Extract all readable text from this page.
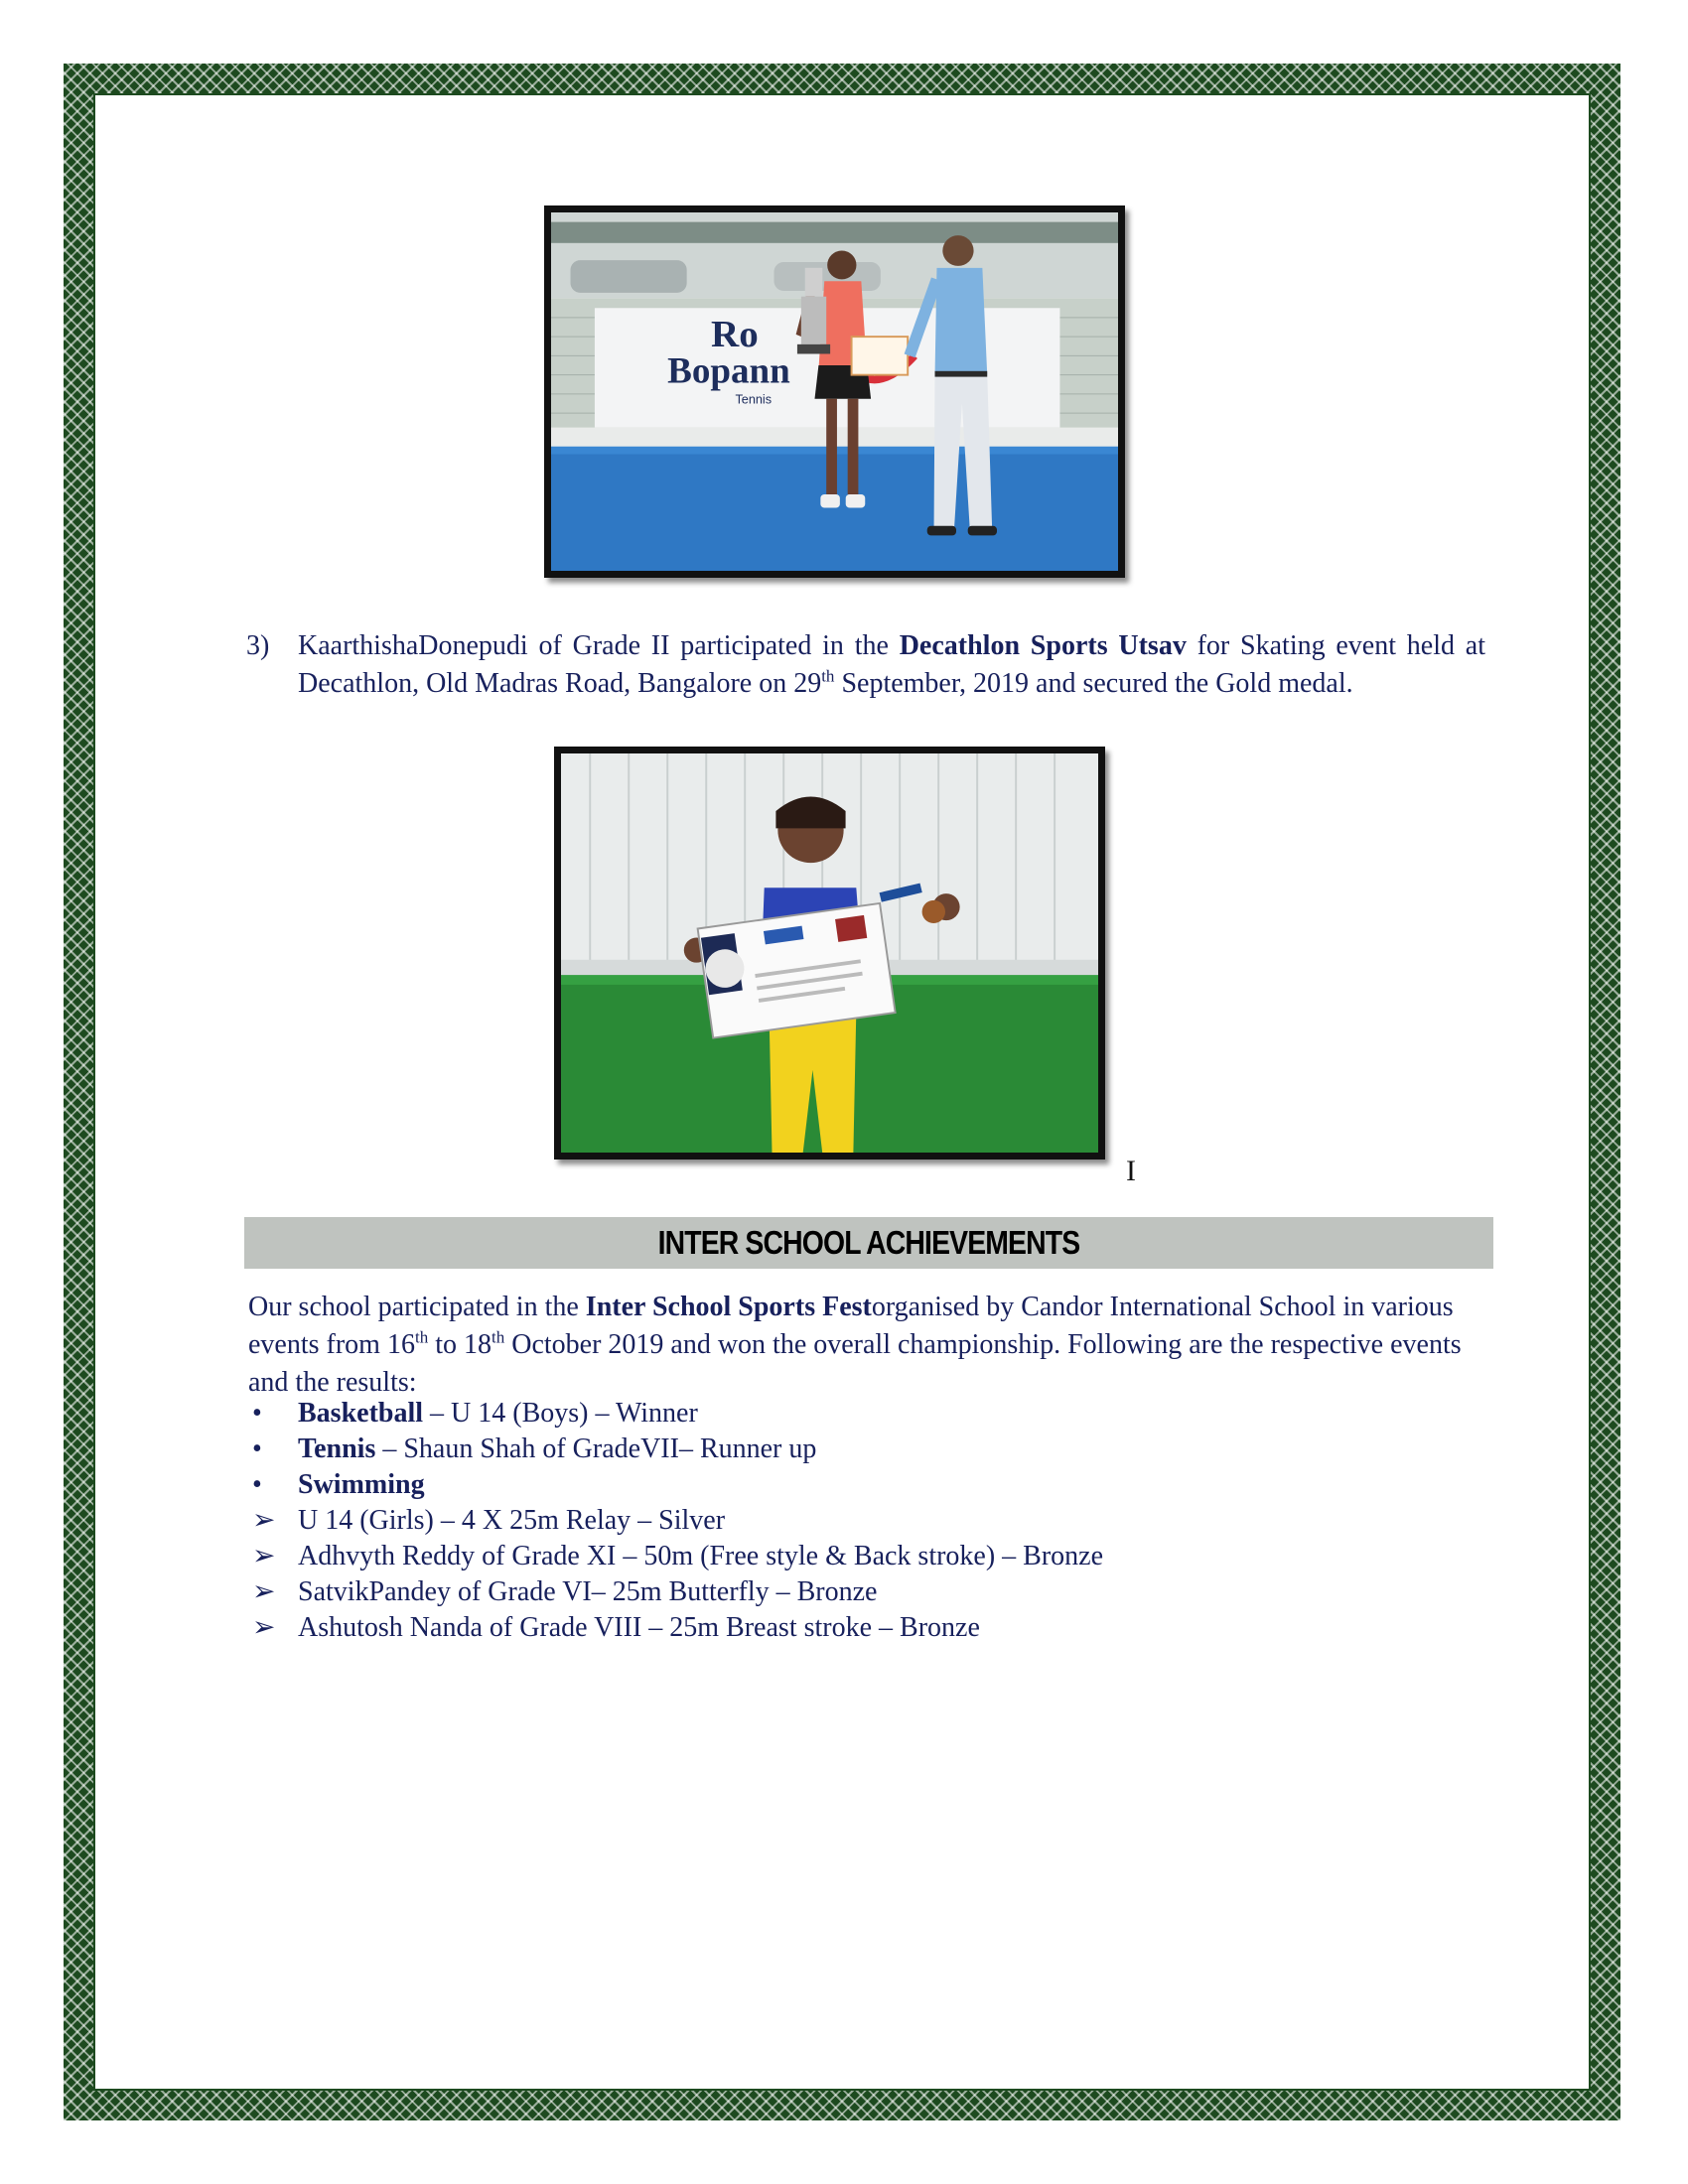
Ro
Bopann
Tennis
3) KaarthishaDonepudi of Grade II participated in the Decathlon Sports Utsav for Skating event held at Decathlon, Old Madras Road, Bangalore on 29th September, 2019 and secured the Gold medal.
I
INTER SCHOOL ACHIEVEMENTS
Our school participated in the Inter School Sports Festorganised by Candor International School in various events from 16th to 18th October 2019 and won the overall championship. Following are the respective events and the results:
• Basketball – U 14 (Boys) – Winner
• Tennis – Shaun Shah of GradeVII– Runner up
• Swimming
➢ U 14 (Girls) – 4 X 25m Relay – Silver
➢ Adhvyth Reddy of Grade XI – 50m (Free style & Back stroke) – Bronze
➢ SatvikPandey of Grade VI– 25m Butterfly – Bronze
➢ Ashutosh Nanda of Grade VIII – 25m Breast stroke – Bronze
